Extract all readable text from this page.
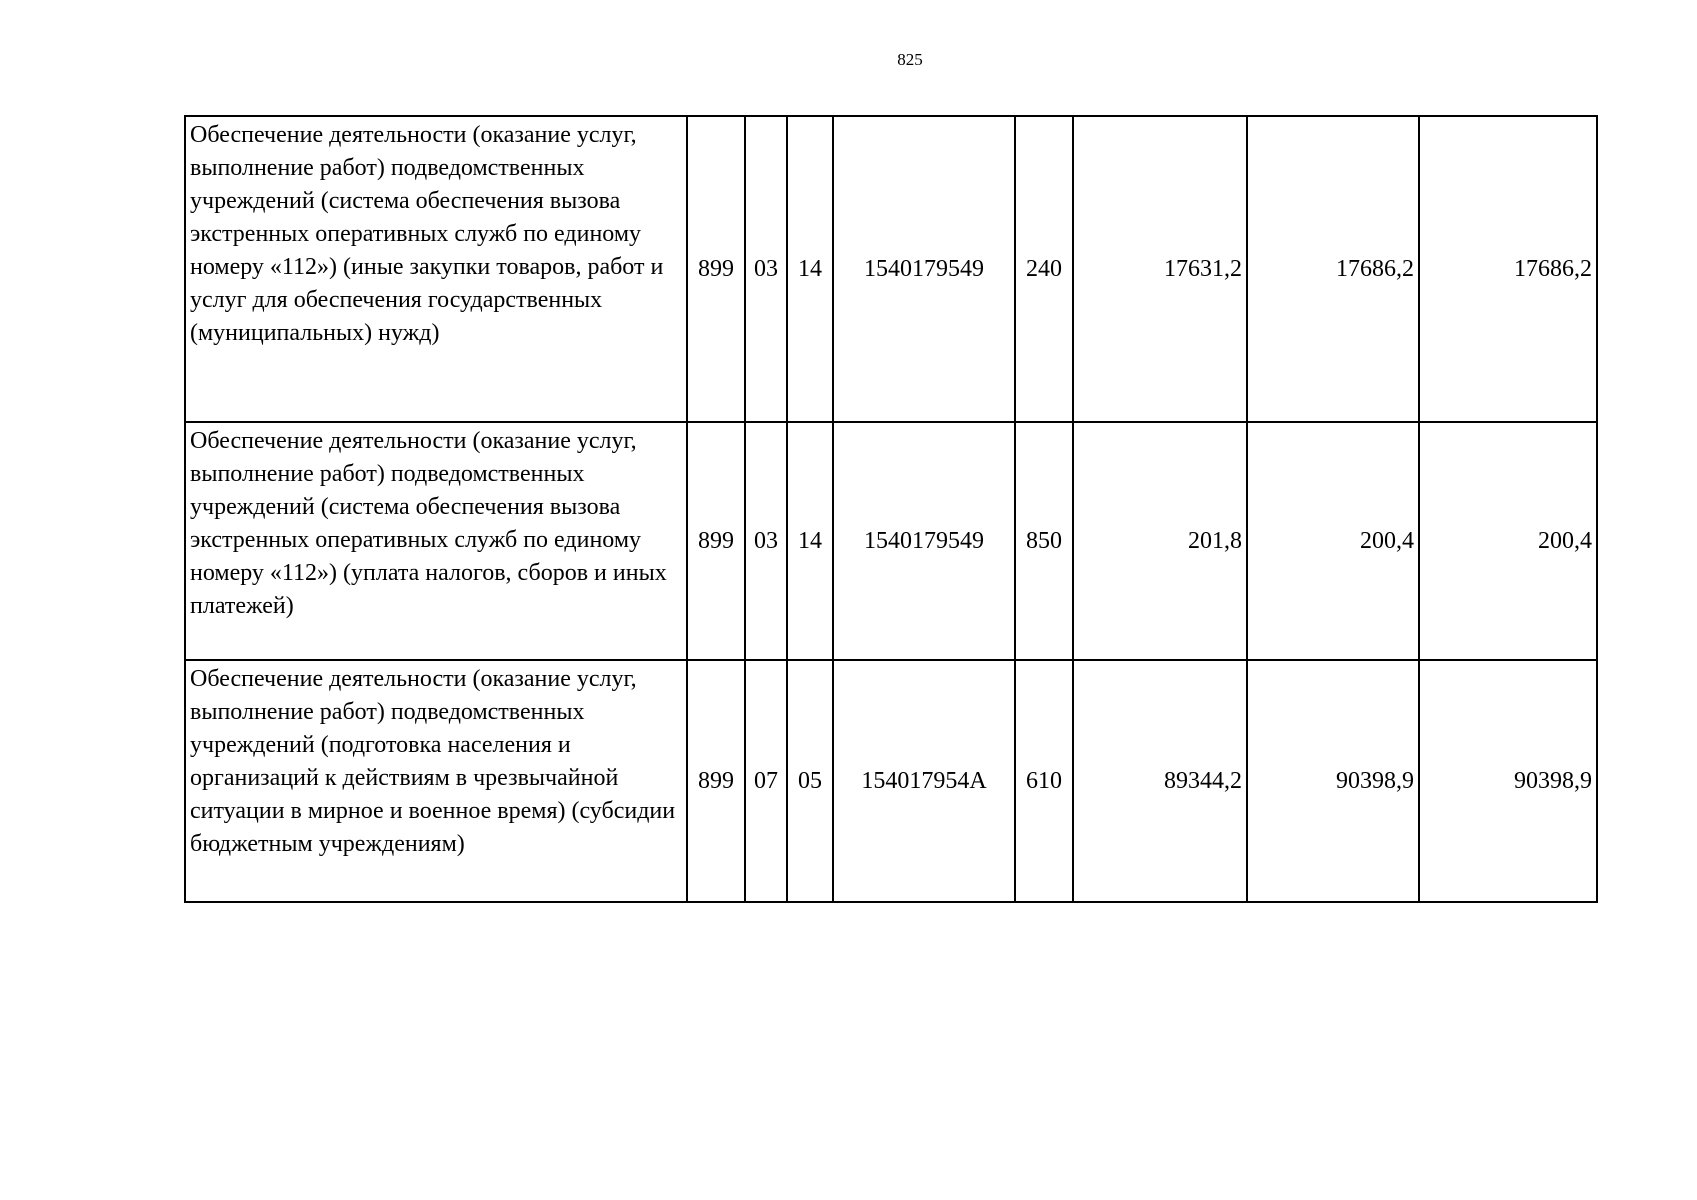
825
Обеспечение деятельности (оказание услуг, выполнение работ) подведомственных учреждений (система обеспечения вызова экстренных оперативных служб по единому номеру «112») (иные закупки товаров, работ и услуг для обеспечения государственных (муниципальных) нужд)	899	03	14	1540179549	240	17631,2	17686,2	17686,2
Обеспечение деятельности (оказание услуг, выполнение работ) подведомственных учреждений (система обеспечения вызова экстренных оперативных служб по единому номеру «112») (уплата налогов, сборов и иных платежей)	899	03	14	1540179549	850	201,8	200,4	200,4
Обеспечение деятельности (оказание услуг, выполнение работ) подведомственных учреждений (подготовка населения и организаций к действиям в чрезвычайной ситуации в мирное и военное время) (субсидии бюджетным учреждениям)	899	07	05	154017954А	610	89344,2	90398,9	90398,9
